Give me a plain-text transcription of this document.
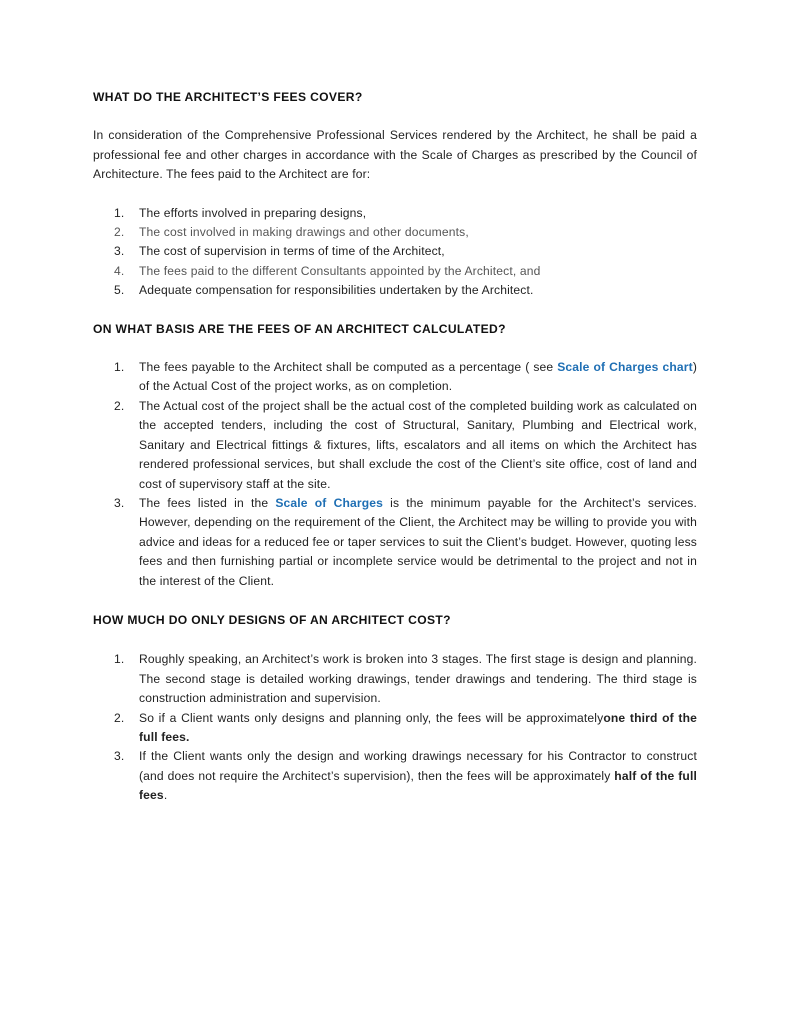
WHAT DO THE ARCHITECT’S FEES COVER?

In consideration of the Comprehensive Professional Services rendered by the Architect, he shall be paid a professional fee and other charges in accordance with the Scale of Charges as prescribed by the Council of Architecture. The fees paid to the Architect are for:

1. The efforts involved in preparing designs,
2. The cost involved in making drawings and other documents,
3. The cost of supervision in terms of time of the Architect,
4. The fees paid to the different Consultants appointed by the Architect, and
5. Adequate compensation for responsibilities undertaken by the Architect.
ON WHAT BASIS ARE THE FEES OF AN ARCHITECT CALCULATED?
1. The fees payable to the Architect shall be computed as a percentage ( see Scale of Charges chart) of the Actual Cost of the project works, as on completion.
2. The Actual cost of the project shall be the actual cost of the completed building work as calculated on the accepted tenders, including the cost of Structural, Sanitary, Plumbing and Electrical work, Sanitary and Electrical fittings & fixtures, lifts, escalators and all items on which the Architect has rendered professional services, but shall exclude the cost of the Client’s site office, cost of land and cost of supervisory staff at the site.
3. The fees listed in the Scale of Charges is the minimum payable for the Architect’s services. However, depending on the requirement of the Client, the Architect may be willing to provide you with advice and ideas for a reduced fee or taper services to suit the Client’s budget. However, quoting less fees and then furnishing partial or incomplete service would be detrimental to the project and not in the interest of the Client.
HOW MUCH DO ONLY DESIGNS OF AN ARCHITECT COST?
1. Roughly speaking, an Architect’s work is broken into 3 stages. The first stage is design and planning. The second stage is detailed working drawings, tender drawings and tendering. The third stage is construction administration and supervision.
2. So if a Client wants only designs and planning only, the fees will be approximatelyone third of the full fees.
3. If the Client wants only the design and working drawings necessary for his Contractor to construct (and does not require the Architect’s supervision), then the fees will be approximately half of the full fees.
